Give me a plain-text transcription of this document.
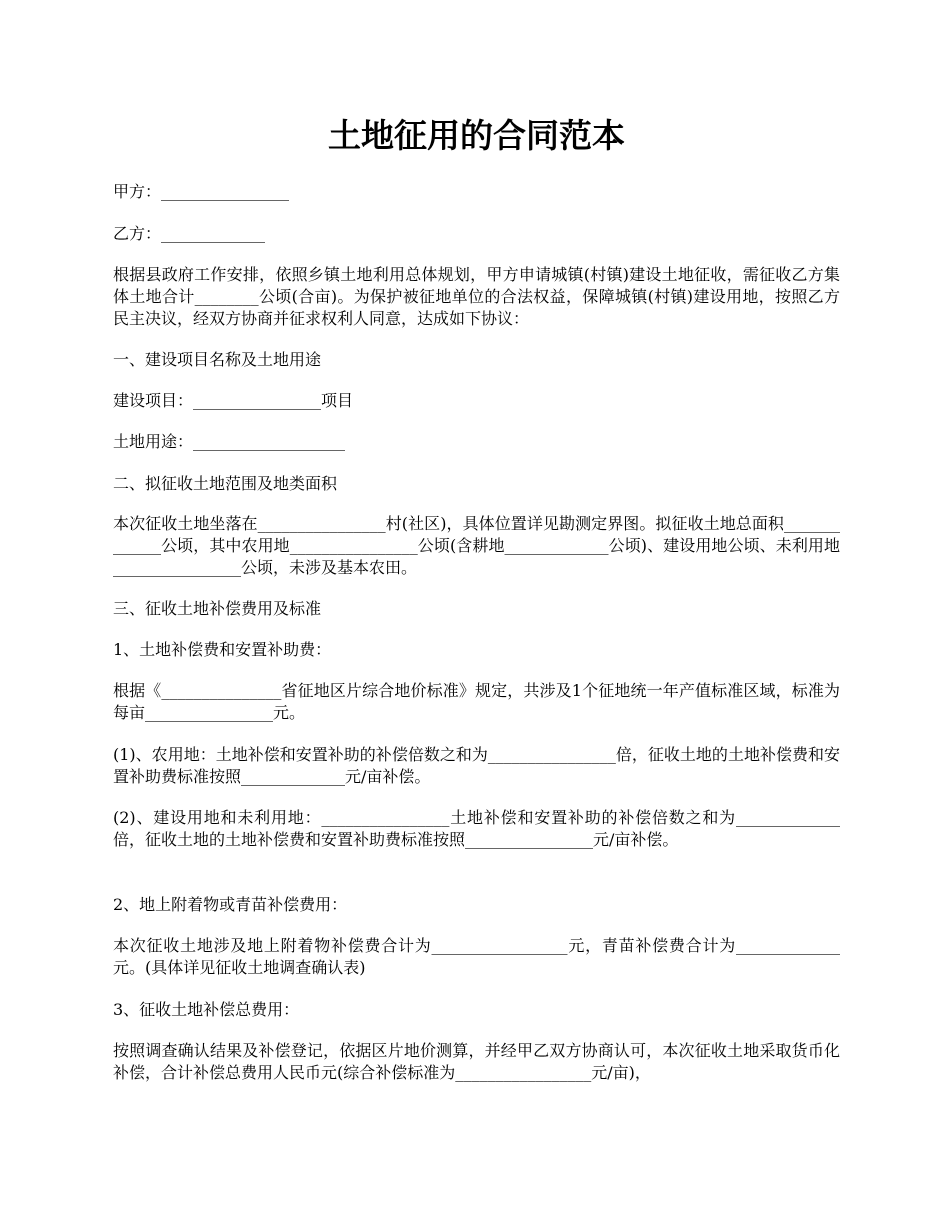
土地征用的合同范本

甲方：________________

乙方：_____________

根据县政府工作安排，依照乡镇土地利用总体规划，甲方申请城镇(村镇)建设土地征收，需征收乙方集体土地合计________公顷(合亩)。为保护被征地单位的合法权益，保障城镇(村镇)建设用地，按照乙方民主决议，经双方协商并征求权利人同意，达成如下协议：

一、建设项目名称及土地用途

建设项目：________________项目

土地用途：___________________

二、拟征收土地范围及地类面积

本次征收土地坐落在________________村(社区)，具体位置详见勘测定界图。拟征收土地总面积_____________公顷，其中农用地________________公顷(含耕地_____________公顷)、建设用地公顷、未利用地________________公顷，未涉及基本农田。

三、征收土地补偿费用及标准

1、土地补偿费和安置补助费：

根据《_______________省征地区片综合地价标准》规定，共涉及1个征地统一年产值标准区域，标准为每亩________________元。

(1)、农用地：土地补偿和安置补助的补偿倍数之和为________________倍，征收土地的土地补偿费和安置补助费标准按照_____________元/亩补偿。

(2)、建设用地和未利用地：________________土地补偿和安置补助的补偿倍数之和为_____________倍，征收土地的土地补偿费和安置补助费标准按照________________元/亩补偿。

2、地上附着物或青苗补偿费用：

本次征收土地涉及地上附着物补偿费合计为_________________元，青苗补偿费合计为_____________元。(具体详见征收土地调查确认表)

3、征收土地补偿总费用：

按照调查确认结果及补偿登记，依据区片地价测算，并经甲乙双方协商认可，本次征收土地采取货币化补偿，合计补偿总费用人民币元(综合补偿标准为_________________元/亩)，
